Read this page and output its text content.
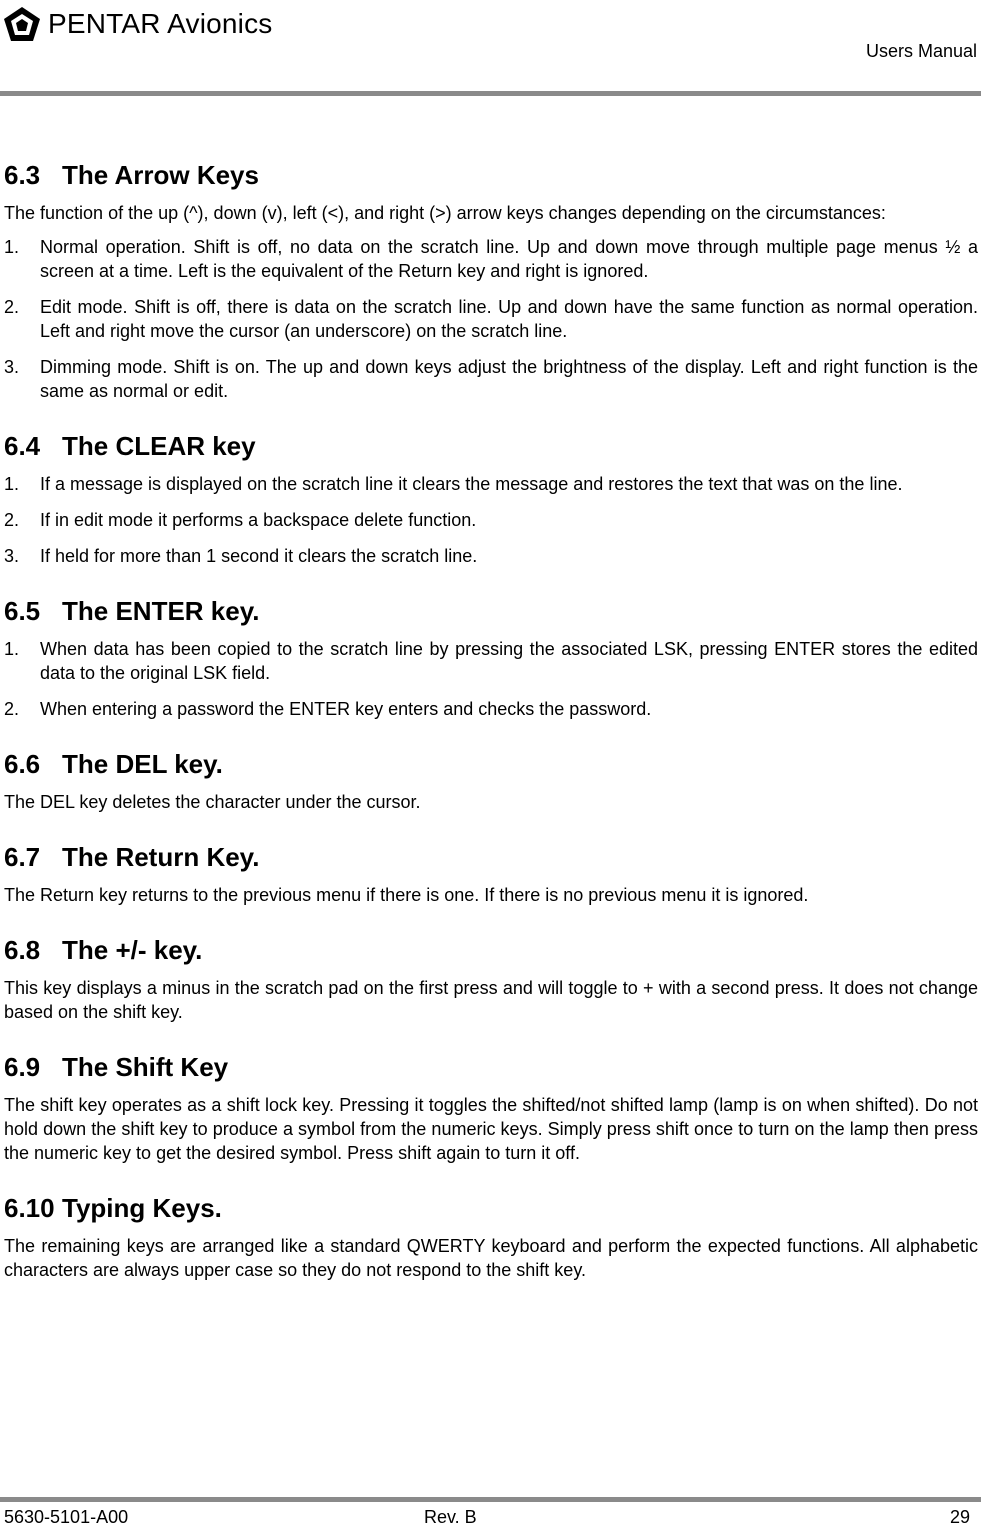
PENTAR Avionics
Users Manual
6.3 The Arrow Keys

The function of the up (^), down (v), left (<), and right (>) arrow keys changes depending on the circumstances:

1.	Normal operation. Shift is off, no data on the scratch line. Up and down move through multiple page menus ½ a screen at a time. Left is the equivalent of the Return key and right is ignored.
2.	Edit mode. Shift is off, there is data on the scratch line. Up and down have the same function as normal operation. Left and right move the cursor (an underscore) on the scratch line.
3.	Dimming mode. Shift is on. The up and down keys adjust the brightness of the display. Left and right function is the same as normal or edit.
6.4 The CLEAR key
1.	If a message is displayed on the scratch line it clears the message and restores the text that was on the line.
2.	If in edit mode it performs a backspace delete function.
3.	If held for more than 1 second it clears the scratch line.
6.5 The ENTER key.
1.	When data has been copied to the scratch line by pressing the associated LSK, pressing ENTER stores the edited data to the original LSK field.
2.	When entering a password the ENTER key enters and checks the password.
6.6 The DEL key.

The DEL key deletes the character under the cursor.

6.7 The Return Key.

The Return key returns to the previous menu if there is one. If there is no previous menu it is ignored.

6.8 The +/- key.

This key displays a minus in the scratch pad on the first press and will toggle to + with a second press. It does not change based on the shift key.

6.9 The Shift Key

The shift key operates as a shift lock key. Pressing it toggles the shifted/not shifted lamp (lamp is on when shifted). Do not hold down the shift key to produce a symbol from the numeric keys. Simply press shift once to turn on the lamp then press the numeric key to get the desired symbol. Press shift again to turn it off.

6.10 Typing Keys.

The remaining keys are arranged like a standard QWERTY keyboard and perform the expected functions. All alphabetic characters are always upper case so they do not respond to the shift key.

5630-5101-A00	Rev. B	29
